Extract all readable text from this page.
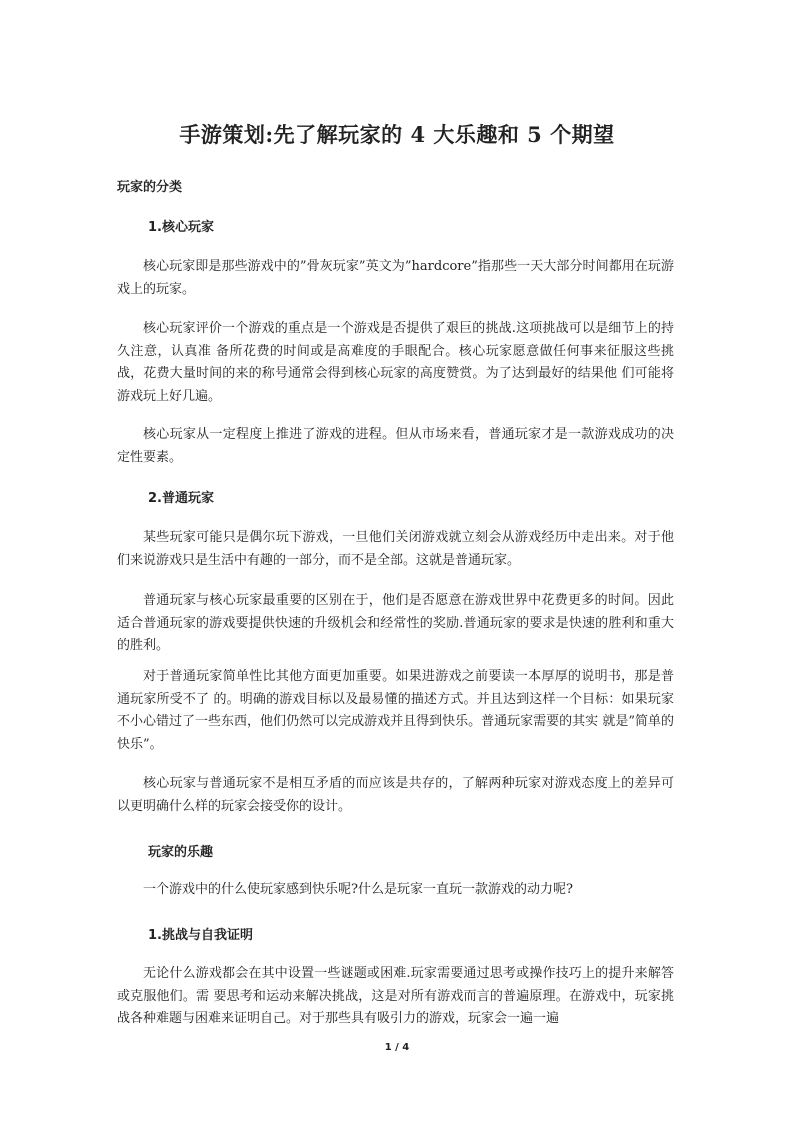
手游策划:先了解玩家的 4 大乐趣和 5 个期望
玩家的分类
1.核心玩家
核心玩家即是那些游戏中的”骨灰玩家”英文为”hardcore”指那些一天大部分时间都用在玩游戏上的玩家。
核心玩家评价一个游戏的重点是一个游戏是否提供了艰巨的挑战.这项挑战可以是细节上的持久注意，认真准 备所花费的时间或是高难度的手眼配合。核心玩家愿意做任何事来征服这些挑战，花费大量时间的来的称号通常会得到核心玩家的高度赞赏。为了达到最好的结果他 们可能将游戏玩上好几遍。
核心玩家从一定程度上推进了游戏的进程。但从市场来看，普通玩家才是一款游戏成功的决定性要素。
2.普通玩家
某些玩家可能只是偶尔玩下游戏，一旦他们关闭游戏就立刻会从游戏经历中走出来。对于他们来说游戏只是生活中有趣的一部分，而不是全部。这就是普通玩家。
普通玩家与核心玩家最重要的区别在于，他们是否愿意在游戏世界中花费更多的时间。因此适合普通玩家的游戏要提供快速的升级机会和经常性的奖励.普通玩家的要求是快速的胜利和重大的胜利。
对于普通玩家简单性比其他方面更加重要。如果进游戏之前要读一本厚厚的说明书，那是普通玩家所受不了 的。明确的游戏目标以及最易懂的描述方式。并且达到这样一个目标：如果玩家不小心错过了一些东西，他们仍然可以完成游戏并且得到快乐。普通玩家需要的其实 就是”简单的快乐”。
核心玩家与普通玩家不是相互矛盾的而应该是共存的，了解两种玩家对游戏态度上的差异可以更明确什么样的玩家会接受你的设计。
玩家的乐趣
一个游戏中的什么使玩家感到快乐呢?什么是玩家一直玩一款游戏的动力呢?
1.挑战与自我证明
无论什么游戏都会在其中设置一些谜题或困难.玩家需要通过思考或操作技巧上的提升来解答或克服他们。需 要思考和运动来解决挑战，这是对所有游戏而言的普遍原理。在游戏中，玩家挑战各种难题与困难来证明自己。对于那些具有吸引力的游戏，玩家会一遍一遍
1 / 4
